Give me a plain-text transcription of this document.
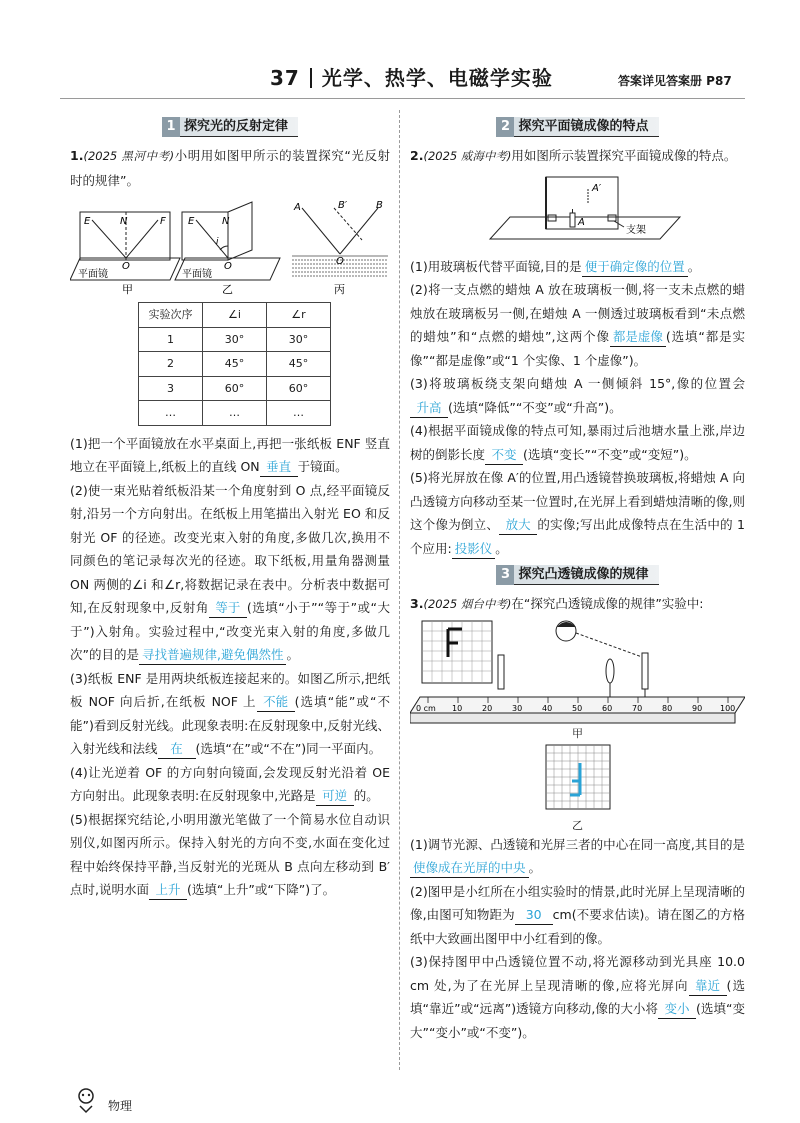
37 光学、热学、电磁学实验	答案详见答案册 P87
1 探究光的反射定律

1.(2025 黑河中考)小明用如图甲所示的装置探究“光反射时的规律”。

E	N	F
O
平面镜
甲
E	N
i
O
平面镜
乙
A	B′	B
O
丙
实验次序	∠i	∠r
1	30°	30°
2	45°	45°
3	60°	60°
…	…	…

(1)把一个平面镜放在水平桌面上,再把一张纸板 ENF 竖直地立在平面镜上,纸板上的直线 ON 垂直 于镜面。

(2)使一束光贴着纸板沿某一个角度射到 O 点,经平面镜反射,沿另一个方向射出。在纸板上用笔描出入射光 EO 和反射光 OF 的径迹。改变光束入射的角度,多做几次,换用不同颜色的笔记录每次光的径迹。取下纸板,用量角器测量 ON 两侧的∠i 和∠r,将数据记录在表中。分析表中数据可知,在反射现象中,反射角 等于 (选填“小于”“等于”或“大于”)入射角。实验过程中,“改变光束入射的角度,多做几次”的目的是 寻找普遍规律,避免偶然性 。

(3)纸板 ENF 是用两块纸板连接起来的。如图乙所示,把纸板 NOF 向后折,在纸板 NOF 上 不能 (选填“能”或“不能”)看到反射光线。此现象表明:在反射现象中,反射光线、入射光线和法线 在 (选填“在”或“不在”)同一平面内。

(4)让光逆着 OF 的方向射向镜面,会发现反射光沿着 OE 方向射出。此现象表明:在反射现象中,光路是 可逆 的。

(5)根据探究结论,小明用激光笔做了一个简易水位自动识别仪,如图丙所示。保持入射光的方向不变,水面在变化过程中始终保持平静,当反射光的光斑从 B 点向左移动到 B′点时,说明水面 上升 (选填“上升”或“下降”)了。

2 探究平面镜成像的特点

2.(2025 威海中考)用如图所示装置探究平面镜成像的特点。

A′
A
支架

(1)用玻璃板代替平面镜,目的是 便于确定像的位置 。

(2)将一支点燃的蜡烛 A 放在玻璃板一侧,将一支未点燃的蜡烛放在玻璃板另一侧,在蜡烛 A 一侧透过玻璃板看到“未点燃的蜡烛”和“点燃的蜡烛”,这两个像 都是虚像 (选填“都是实像”“都是虚像”或“1 个实像、1 个虚像”)。

(3)将玻璃板绕支架向蜡烛 A 一侧倾斜 15°,像的位置会升高 (选填“降低”“不变”或“升高”)。

(4)根据平面镜成像的特点可知,暴雨过后池塘水量上涨,岸边树的倒影长度 不变 (选填“变长”“不变”或“变短”)。

(5)将光屏放在像 A′的位置,用凸透镜替换玻璃板,将蜡烛 A 向凸透镜方向移动至某一位置时,在光屏上看到蜡烛清晰的像,则这个像为倒立、 放大 的实像;写出此成像特点在生活中的 1 个应用: 投影仪 。

3 探究凸透镜成像的规律

3.(2025 烟台中考)在“探究凸透镜成像的规律”实验中:

0 cm 10 20 30 40 50 60 70 80 90 100
甲
乙

(1)调节光源、凸透镜和光屏三者的中心在同一高度,其目的是使像成在光屏的中央 。

(2)图甲是小红所在小组实验时的情景,此时光屏上呈现清晰的像,由图可知物距为 30 cm(不要求估读)。请在图乙的方格纸中大致画出图甲中小红看到的像。

(3)保持图甲中凸透镜位置不动,将光源移动到光具座 10.0 cm 处,为了在光屏上呈现清晰的像,应将光屏向 靠近 (选填“靠近”或“远离”)透镜方向移动,像的大小将 变小 (选填“变大”“变小”或“不变”)。

物理
